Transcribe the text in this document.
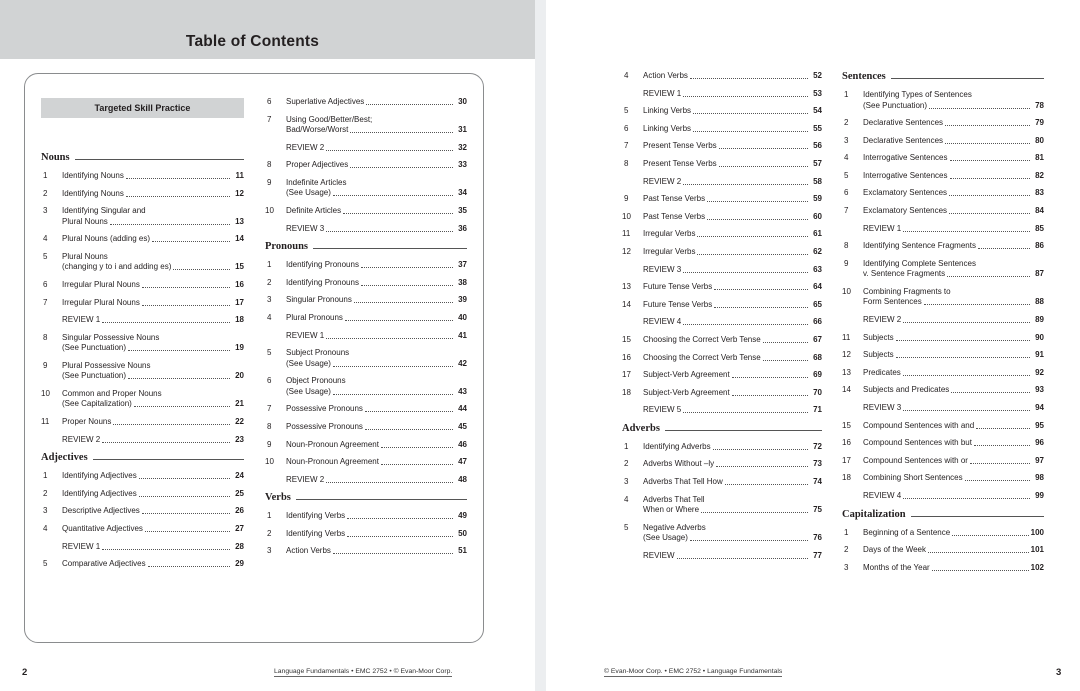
Table of Contents
Targeted Skill Practice
Nouns
1	Identifying Nouns	11
2	Identifying Nouns	12
3	Identifying Singular and
Plural Nouns	13
4	Plural Nouns (adding es)	14
5	Plural Nouns
(changing y to i and adding es)	15
6	Irregular Plural Nouns	16
7	Irregular Plural Nouns	17
REVIEW 1	18
8	Singular Possessive Nouns
(See Punctuation)	19
9	Plural Possessive Nouns
(See Punctuation)	20
10	Common and Proper Nouns
(See Capitalization)	21
11	Proper Nouns	22
REVIEW 2	23
Adjectives
1	Identifying Adjectives	24
2	Identifying Adjectives	25
3	Descriptive Adjectives	26
4	Quantitative Adjectives	27
REVIEW 1	28
5	Comparative Adjectives	29
6	Superlative Adjectives	30
7	Using Good/Better/Best;
Bad/Worse/Worst	31
REVIEW 2	32
8	Proper Adjectives	33
9	Indefinite Articles
(See Usage)	34
10	Definite Articles	35
REVIEW 3	36
Pronouns
1	Identifying Pronouns	37
2	Identifying Pronouns	38
3	Singular Pronouns	39
4	Plural Pronouns	40
REVIEW 1	41
5	Subject Pronouns
(See Usage)	42
6	Object Pronouns
(See Usage)	43
7	Possessive Pronouns	44
8	Possessive Pronouns	45
9	Noun-Pronoun Agreement	46
10	Noun-Pronoun Agreement	47
REVIEW 2	48
Verbs
1	Identifying Verbs	49
2	Identifying Verbs	50
3	Action Verbs	51
2	Language Fundamentals • EMC 2752 • © Evan-Moor Corp.
4	Action Verbs	52
REVIEW 1	53
5	Linking Verbs	54
6	Linking Verbs	55
7	Present Tense Verbs	56
8	Present Tense Verbs	57
REVIEW 2	58
9	Past Tense Verbs	59
10	Past Tense Verbs	60
11	Irregular Verbs	61
12	Irregular Verbs	62
REVIEW 3	63
13	Future Tense Verbs	64
14	Future Tense Verbs	65
REVIEW 4	66
15	Choosing the Correct Verb Tense	67
16	Choosing the Correct Verb Tense	68
17	Subject-Verb Agreement	69
18	Subject-Verb Agreement	70
REVIEW 5	71
Adverbs
1	Identifying Adverbs	72
2	Adverbs Without –ly	73
3	Adverbs That Tell How	74
4	Adverbs That Tell
When or Where	75
5	Negative Adverbs
(See Usage)	76
REVIEW	77
Sentences
1	Identifying Types of Sentences
(See Punctuation)	78
2	Declarative Sentences	79
3	Declarative Sentences	80
4	Interrogative Sentences	81
5	Interrogative Sentences	82
6	Exclamatory Sentences	83
7	Exclamatory Sentences	84
REVIEW 1	85
8	Identifying Sentence Fragments	86
9	Identifying Complete Sentences
v. Sentence Fragments	87
10	Combining Fragments to
Form Sentences	88
REVIEW 2	89
11	Subjects	90
12	Subjects	91
13	Predicates	92
14	Subjects and Predicates	93
REVIEW 3	94
15	Compound Sentences with and	95
16	Compound Sentences with but	96
17	Compound Sentences with or	97
18	Combining Short Sentences	98
REVIEW 4	99
Capitalization
1	Beginning of a Sentence	100
2	Days of the Week	101
3	Months of the Year	102
3
© Evan-Moor Corp. • EMC 2752 • Language Fundamentals
